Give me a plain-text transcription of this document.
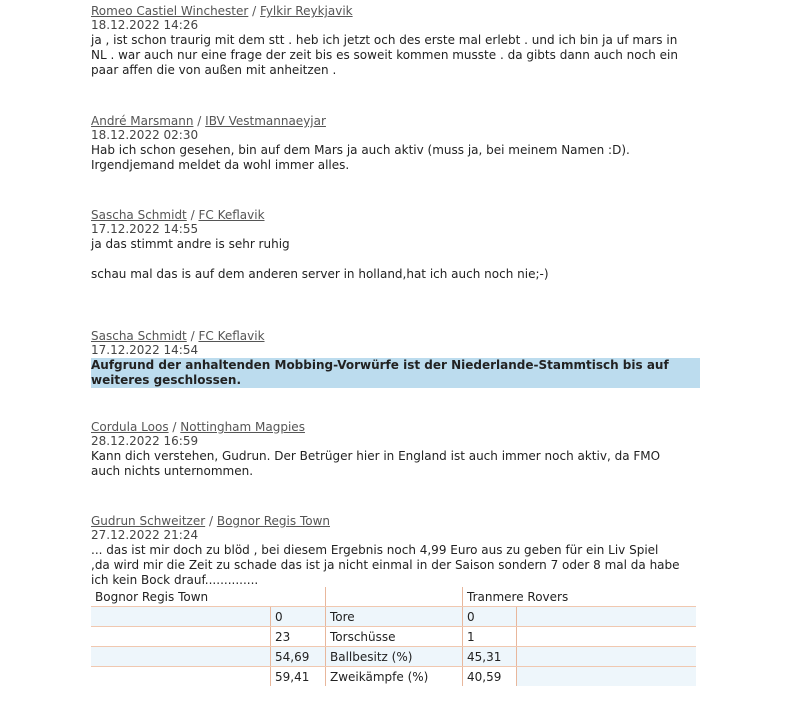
Romeo Castiel Winchester / Fylkir Reykjavik
18.12.2022 14:26
ja , ist schon traurig mit dem stt . heb ich jetzt och des erste mal erlebt . und ich bin ja uf mars in
NL . war auch nur eine frage der zeit bis es soweit kommen musste . da gibts dann auch noch ein
paar affen die von außen mit anheitzen .
André Marsmann / IBV Vestmannaeyjar
18.12.2022 02:30
Hab ich schon gesehen, bin auf dem Mars ja auch aktiv (muss ja, bei meinem Namen :D).
Irgendjemand meldet da wohl immer alles.
Sascha Schmidt / FC Keflavik
17.12.2022 14:55
ja das stimmt andre is sehr ruhig
schau mal das is auf dem anderen server in holland,hat ich auch noch nie;-)
Sascha Schmidt / FC Keflavik
17.12.2022 14:54
Aufgrund der anhaltenden Mobbing-Vorwürfe ist der Niederlande-Stammtisch bis auf
weiteres geschlossen.
Cordula Loos / Nottingham Magpies
28.12.2022 16:59
Kann dich verstehen, Gudrun. Der Betrüger hier in England ist auch immer noch aktiv, da FMO
auch nichts unternommen.
Gudrun Schweitzer / Bognor Regis Town
27.12.2022 21:24
... das ist mir doch zu blöd , bei diesem Ergebnis noch 4,99 Euro aus zu geben für ein Liv Spiel
,da wird mir die Zeit zu schade das ist ja nicht einmal in der Saison sondern 7 oder 8 mal da habe
ich kein Bock drauf..............
Bognor Regis Town			Tranmere Rovers	
	0	Tore	0	
	23	Torschüsse	1	
	54,69	Ballbesitz (%)	45,31	
	59,41	Zweikämpfe (%)	40,59	
